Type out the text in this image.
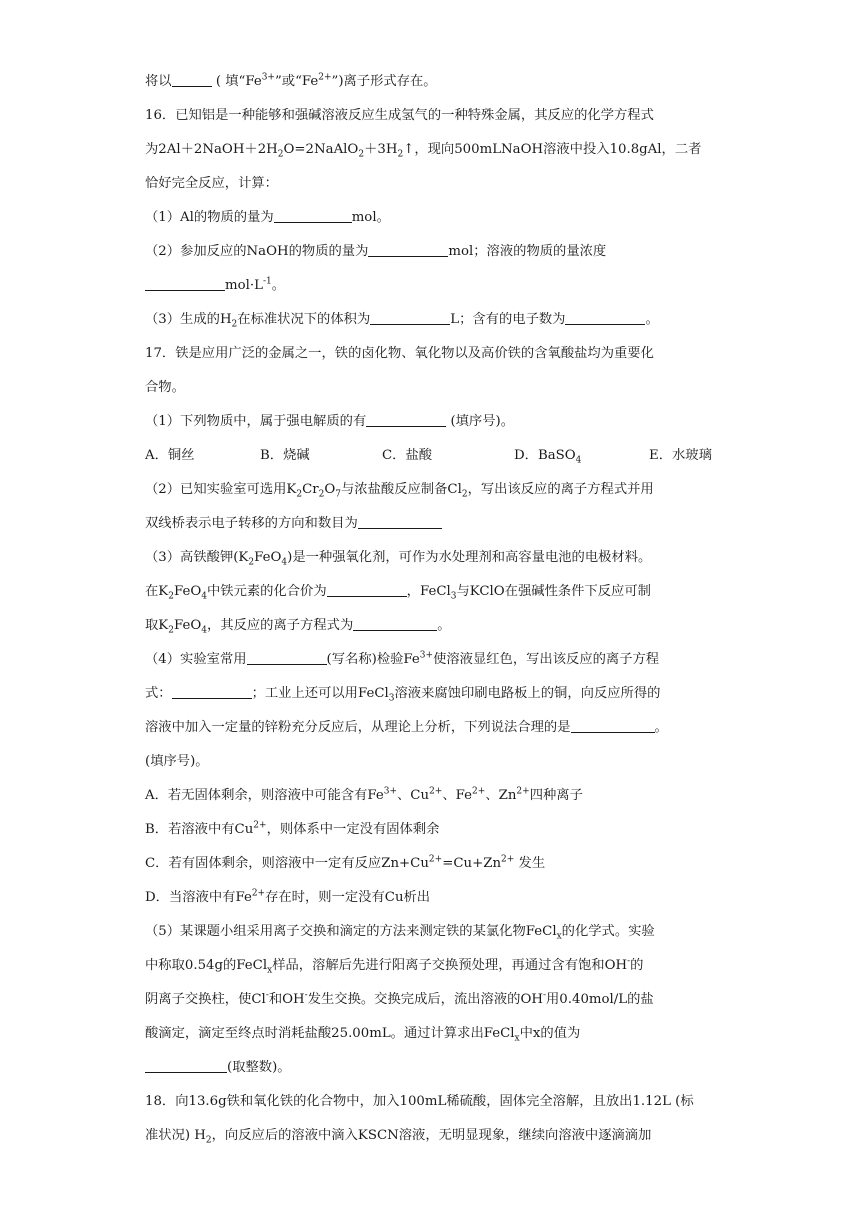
将以	( 填“$Fe^{3+}$”或“$Fe^{2+}$”)离子形式存在。
16．已知铝是一种能够和强碱溶液反应生成氢气的一种特殊金属，其反应的化学方程式
为$2Al+2NaOH+2H_2O=2NaAlO_2+3H_2↑$，现向500mLNaOH溶液中投入10.8gAl，二者
恰好完全反应，计算：
（1）Al的物质的量为	mol。
（2）参加反应的NaOH的物质的量为	mol；溶液的物质的量浓度
$mol\cdot L^{-1}$。
（3）生成的$H_2$在标准状况下的体积为	L；含有的电子数为	。
17．铁是应用广泛的金属之一，铁的卤化物、氧化物以及高价铁的含氧酸盐均为重要化
合物。
（1）下列物质中，属于强电解质的有	(填序号)。
A．铜丝	B．烧碱	C．盐酸	D．BaSO$_4$	E．水玻璃
（2）已知实验室可选用$K_2Cr_2O_7$与浓盐酸反应制备$Cl_2$，写出该反应的离子方程式并用
双线桥表示电子转移的方向和数目为
（3）高铁酸钾$(K_2FeO_4)$是一种强氧化剂，可作为水处理剂和高容量电池的电极材料。
在$K_2FeO_4$中铁元素的化合价为	，FeCl$_3$与KClO在强碱性条件下反应可制
取$K_2FeO_4$，其反应的离子方程式为	。
（4）实验室常用	(写名称)检验$Fe^{3+}$使溶液显红色，写出该反应的离子方程
式：	；工业上还可以用FeCl$_3$溶液来腐蚀印刷电路板上的铜，向反应所得的
溶液中加入一定量的锌粉充分反应后，从理论上分析，下列说法合理的是	。
(填序号)。
A．若无固体剩余，则溶液中可能含有$Fe^{3+}$、$Cu^{2+}$、$Fe^{2+}$、$Zn^{2+}$四种离子
B．若溶液中有$Cu^{2+}$，则体系中一定没有固体剩余
C．若有固体剩余，则溶液中一定有反应$Zn+Cu^{2+}=Cu+Zn^{2+}$ 发生
D．当溶液中有$Fe^{2+}$存在时，则一定没有Cu析出
（5）某课题小组采用离子交换和滴定的方法来测定铁的某氯化物FeCl$_x$的化学式。实验
中称取0.54g的FeCl$_x$样品，溶解后先进行阳离子交换预处理，再通过含有饱和OH-的
阴离子交换柱，使Cl-和OH-发生交换。交换完成后，流出溶液的OH-用0.40mol/L的盐
酸滴定，滴定至终点时消耗盐酸25.00mL。通过计算求出FeCl$_x$中x的值为
(取整数)。
18．向13.6g铁和氧化铁的化合物中，加入100mL稀硫酸，固体完全溶解，且放出1.12L (标
准状况) $H_2$，向反应后的溶液中滴入KSCN溶液，无明显现象，继续向溶液中逐滴滴加
